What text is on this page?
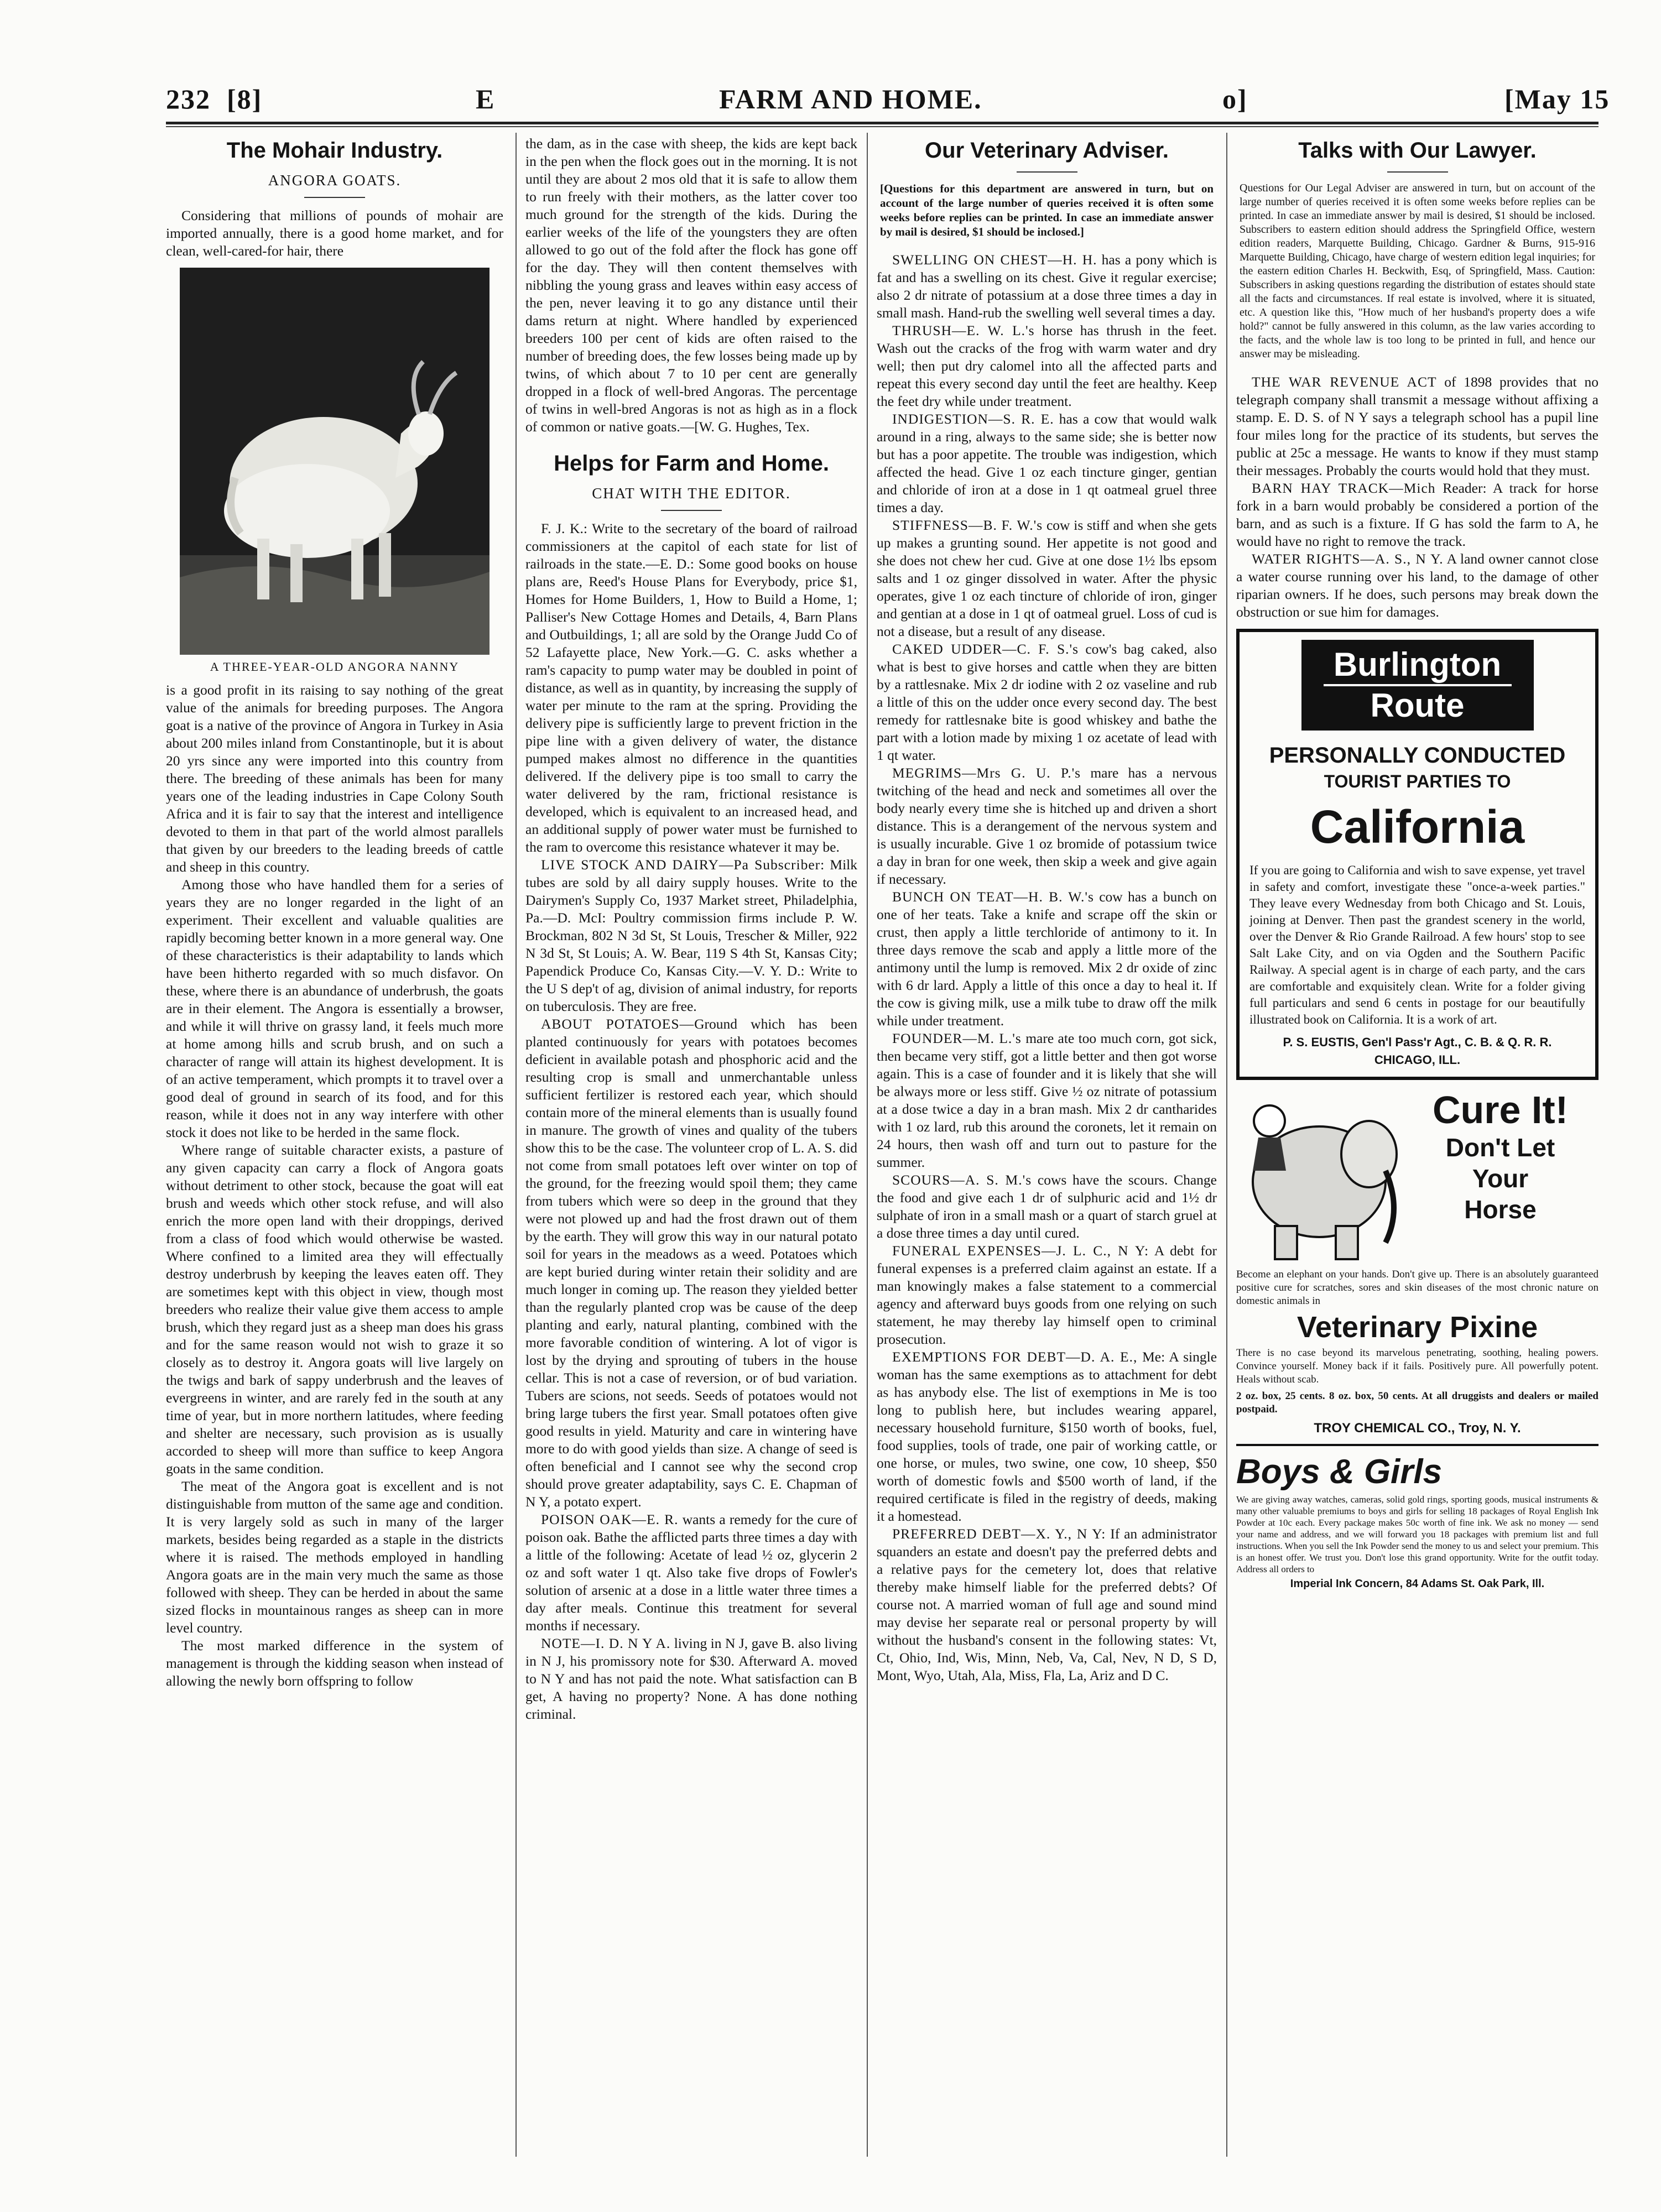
232 [8]	E	FARM AND HOME.	o]	[May 15
The Mohair Industry.
ANGORA GOATS.

Considering that millions of pounds of mohair are imported annually, there is a good home market, and for clean, well-cared-for hair, there

A THREE-YEAR-OLD ANGORA NANNY

is a good profit in its raising to say nothing of the great value of the animals for breeding purposes. The Angora goat is a native of the province of Angora in Turkey in Asia about 200 miles inland from Constantinople, but it is about 20 yrs since any were imported into this country from there. The breeding of these animals has been for many years one of the leading industries in Cape Colony South Africa and it is fair to say that the interest and intelligence devoted to them in that part of the world almost parallels that given by our breeders to the leading breeds of cattle and sheep in this country.

Among those who have handled them for a series of years they are no longer regarded in the light of an experiment. Their excellent and valuable qualities are rapidly becoming better known in a more general way. One of these characteristics is their adaptability to lands which have been hitherto regarded with so much disfavor. On these, where there is an abundance of underbrush, the goats are in their element. The Angora is essentially a browser, and while it will thrive on grassy land, it feels much more at home among hills and scrub brush, and on such a character of range will attain its highest development. It is of an active temperament, which prompts it to travel over a good deal of ground in search of its food, and for this reason, while it does not in any way interfere with other stock it does not like to be herded in the same flock.

Where range of suitable character exists, a pasture of any given capacity can carry a flock of Angora goats without detriment to other stock, because the goat will eat brush and weeds which other stock refuse, and will also enrich the more open land with their droppings, derived from a class of food which would otherwise be wasted. Where confined to a limited area they will effectually destroy underbrush by keeping the leaves eaten off. They are sometimes kept with this object in view, though most breeders who realize their value give them access to ample brush, which they regard just as a sheep man does his grass and for the same reason would not wish to graze it so closely as to destroy it. Angora goats will live largely on the twigs and bark of sappy underbrush and the leaves of evergreens in winter, and are rarely fed in the south at any time of year, but in more northern latitudes, where feeding and shelter are necessary, such provision as is usually accorded to sheep will more than suffice to keep Angora goats in the same condition.

The meat of the Angora goat is excellent and is not distinguishable from mutton of the same age and condition. It is very largely sold as such in many of the larger markets, besides being regarded as a staple in the districts where it is raised. The methods employed in handling Angora goats are in the main very much the same as those followed with sheep. They can be herded in about the same sized flocks in mountainous ranges as sheep can in more level country.

The most marked difference in the system of management is through the kidding season when instead of allowing the newly born offspring to follow

the dam, as in the case with sheep, the kids are kept back in the pen when the flock goes out in the morning. It is not until they are about 2 mos old that it is safe to allow them to run freely with their mothers, as the latter cover too much ground for the strength of the kids. During the earlier weeks of the life of the youngsters they are often allowed to go out of the fold after the flock has gone off for the day. They will then content themselves with nibbling the young grass and leaves within easy access of the pen, never leaving it to go any distance until their dams return at night. Where handled by experienced breeders 100 per cent of kids are often raised to the number of breeding does, the few losses being made up by twins, of which about 7 to 10 per cent are generally dropped in a flock of well-bred Angoras. The percentage of twins in well-bred Angoras is not as high as in a flock of common or native goats.—[W. G. Hughes, Tex.

Helps for Farm and Home.
CHAT WITH THE EDITOR.

F. J. K.: Write to the secretary of the board of railroad commissioners at the capitol of each state for list of railroads in the state.—E. D.: Some good books on house plans are, Reed's House Plans for Everybody, price $1, Homes for Home Builders, 1, How to Build a Home, 1; Palliser's New Cottage Homes and Details, 4, Barn Plans and Outbuildings, 1; all are sold by the Orange Judd Co of 52 Lafayette place, New York.—G. C. asks whether a ram's capacity to pump water may be doubled in point of distance, as well as in quantity, by increasing the supply of water per minute to the ram at the spring. Providing the delivery pipe is sufficiently large to prevent friction in the pipe line with a given delivery of water, the distance pumped makes almost no difference in the quantities delivered. If the delivery pipe is too small to carry the water delivered by the ram, frictional resistance is developed, which is equivalent to an increased head, and an additional supply of power water must be furnished to the ram to overcome this resistance whatever it may be.

LIVE STOCK AND DAIRY—Pa Subscriber: Milk tubes are sold by all dairy supply houses. Write to the Dairymen's Supply Co, 1937 Market street, Philadelphia, Pa.—D. McI: Poultry commission firms include P. W. Brockman, 802 N 3d St, St Louis, Trescher & Miller, 922 N 3d St, St Louis; A. W. Bear, 119 S 4th St, Kansas City; Papendick Produce Co, Kansas City.—V. Y. D.: Write to the U S dep't of ag, division of animal industry, for reports on tuberculosis. They are free.

ABOUT POTATOES—Ground which has been planted continuously for years with potatoes becomes deficient in available potash and phosphoric acid and the resulting crop is small and unmerchantable unless sufficient fertilizer is restored each year, which should contain more of the mineral elements than is usually found in manure. The growth of vines and quality of the tubers show this to be the case. The volunteer crop of L. A. S. did not come from small potatoes left over winter on top of the ground, for the freezing would spoil them; they came from tubers which were so deep in the ground that they were not plowed up and had the frost drawn out of them by the earth. They will grow this way in our natural potato soil for years in the meadows as a weed. Potatoes which are kept buried during winter retain their solidity and are much longer in coming up. The reason they yielded better than the regularly planted crop was be cause of the deep planting and early, natural planting, combined with the more favorable condition of wintering. A lot of vigor is lost by the drying and sprouting of tubers in the house cellar. This is not a case of reversion, or of bud variation. Tubers are scions, not seeds. Seeds of potatoes would not bring large tubers the first year. Small potatoes often give good results in yield. Maturity and care in wintering have more to do with good yields than size. A change of seed is often beneficial and I cannot see why the second crop should prove greater adaptability, says C. E. Chapman of N Y, a potato expert.

POISON OAK—E. R. wants a remedy for the cure of poison oak. Bathe the afflicted parts three times a day with a little of the following: Acetate of lead ½ oz, glycerin 2 oz and soft water 1 qt. Also take five drops of Fowler's solution of arsenic at a dose in a little water three times a day after meals. Continue this treatment for several months if necessary.

NOTE—I. D. N Y A. living in N J, gave B. also living in N J, his promissory note for $30. Afterward A. moved to N Y and has not paid the note. What satisfaction can B get, A having no property? None. A has done nothing criminal.

Our Veterinary Adviser.
[Questions for this department are answered in turn, but on account of the large number of queries received it is often some weeks before replies can be printed. In case an immediate answer by mail is desired, $1 should be inclosed.]

SWELLING ON CHEST—H. H. has a pony which is fat and has a swelling on its chest. Give it regular exercise; also 2 dr nitrate of potassium at a dose three times a day in small mash. Hand-rub the swelling well several times a day.

THRUSH—E. W. L.'s horse has thrush in the feet. Wash out the cracks of the frog with warm water and dry well; then put dry calomel into all the affected parts and repeat this every second day until the feet are healthy. Keep the feet dry while under treatment.

INDIGESTION—S. R. E. has a cow that would walk around in a ring, always to the same side; she is better now but has a poor appetite. The trouble was indigestion, which affected the head. Give 1 oz each tincture ginger, gentian and chloride of iron at a dose in 1 qt oatmeal gruel three times a day.

STIFFNESS—B. F. W.'s cow is stiff and when she gets up makes a grunting sound. Her appetite is not good and she does not chew her cud. Give at one dose 1½ lbs epsom salts and 1 oz ginger dissolved in water. After the physic operates, give 1 oz each tincture of chloride of iron, ginger and gentian at a dose in 1 qt of oatmeal gruel. Loss of cud is not a disease, but a result of any disease.

CAKED UDDER—C. F. S.'s cow's bag caked, also what is best to give horses and cattle when they are bitten by a rattlesnake. Mix 2 dr iodine with 2 oz vaseline and rub a little of this on the udder once every second day. The best remedy for rattlesnake bite is good whiskey and bathe the part with a lotion made by mixing 1 oz acetate of lead with 1 qt water.

MEGRIMS—Mrs G. U. P.'s mare has a nervous twitching of the head and neck and sometimes all over the body nearly every time she is hitched up and driven a short distance. This is a derangement of the nervous system and is usually incurable. Give 1 oz bromide of potassium twice a day in bran for one week, then skip a week and give again if necessary.

BUNCH ON TEAT—H. B. W.'s cow has a bunch on one of her teats. Take a knife and scrape off the skin or crust, then apply a little terchloride of antimony to it. In three days remove the scab and apply a little more of the antimony until the lump is removed. Mix 2 dr oxide of zinc with 6 dr lard. Apply a little of this once a day to heal it. If the cow is giving milk, use a milk tube to draw off the milk while under treatment.

FOUNDER—M. L.'s mare ate too much corn, got sick, then became very stiff, got a little better and then got worse again. This is a case of founder and it is likely that she will be always more or less stiff. Give ½ oz nitrate of potassium at a dose twice a day in a bran mash. Mix 2 dr cantharides with 1 oz lard, rub this around the coronets, let it remain on 24 hours, then wash off and turn out to pasture for the summer.

SCOURS—A. S. M.'s cows have the scours. Change the food and give each 1 dr of sulphuric acid and 1½ dr sulphate of iron in a small mash or a quart of starch gruel at a dose three times a day until cured.

FUNERAL EXPENSES—J. L. C., N Y: A debt for funeral expenses is a preferred claim against an estate. If a man knowingly makes a false statement to a commercial agency and afterward buys goods from one relying on such statement, he may thereby lay himself open to criminal prosecution.

EXEMPTIONS FOR DEBT—D. A. E., Me: A single woman has the same exemptions as to attachment for debt as has anybody else. The list of exemptions in Me is too long to publish here, but includes wearing apparel, necessary household furniture, $150 worth of books, fuel, food supplies, tools of trade, one pair of working cattle, or one horse, or mules, two swine, one cow, 10 sheep, $50 worth of domestic fowls and $500 worth of land, if the required certificate is filed in the registry of deeds, making it a homestead.

PREFERRED DEBT—X. Y., N Y: If an administrator squanders an estate and doesn't pay the preferred debts and a relative pays for the cemetery lot, does that relative thereby make himself liable for the preferred debts? Of course not. A married woman of full age and sound mind may devise her separate real or personal property by will without the husband's consent in the following states: Vt, Ct, Ohio, Ind, Wis, Minn, Neb, Va, Cal, Nev, N D, S D, Mont, Wyo, Utah, Ala, Miss, Fla, La, Ariz and D C.

Talks with Our Lawyer.
Questions for Our Legal Adviser are answered in turn, but on account of the large number of queries received it is often some weeks before replies can be printed. In case an immediate answer by mail is desired, $1 should be inclosed. Subscribers to eastern edition should address the Springfield Office, western edition readers, Marquette Building, Chicago. Gardner & Burns, 915-916 Marquette Building, Chicago, have charge of western edition legal inquiries; for the eastern edition Charles H. Beckwith, Esq, of Springfield, Mass. Caution: Subscribers in asking questions regarding the distribution of estates should state all the facts and circumstances. If real estate is involved, where it is situated, etc. A question like this, "How much of her husband's property does a wife hold?" cannot be fully answered in this column, as the law varies according to the facts, and the whole law is too long to be printed in full, and hence our answer may be misleading.

THE WAR REVENUE ACT of 1898 provides that no telegraph company shall transmit a message without affixing a stamp. E. D. S. of N Y says a telegraph school has a pupil line four miles long for the practice of its students, but serves the public at 25c a message. He wants to know if they must stamp their messages. Probably the courts would hold that they must.

BARN HAY TRACK—Mich Reader: A track for horse fork in a barn would probably be considered a portion of the barn, and as such is a fixture. If G has sold the farm to A, he would have no right to remove the track.

WATER RIGHTS—A. S., N Y. A land owner cannot close a water course running over his land, to the damage of other riparian owners. If he does, such persons may break down the obstruction or sue him for damages.

Burlington
Route
PERSONALLY CONDUCTED
TOURIST PARTIES TO
California
If you are going to California and wish to save expense, yet travel in safety and comfort, investigate these "once-a-week parties." They leave every Wednesday from both Chicago and St. Louis, joining at Denver. Then past the grandest scenery in the world, over the Denver & Rio Grande Railroad. A few hours' stop to see Salt Lake City, and on via Ogden and the Southern Pacific Railway. A special agent is in charge of each party, and the cars are comfortable and exquisitely clean. Write for a folder giving full particulars and send 6 cents in postage for our beautifully illustrated book on California. It is a work of art.
P. S. EUSTIS, Gen'l Pass'r Agt., C. B. & Q. R. R.
CHICAGO, ILL.
Cure It!
Don't Let
Your
Horse
Become an elephant on your hands. Don't give up. There is an absolutely guaranteed positive cure for scratches, sores and skin diseases of the most chronic nature on domestic animals in
Veterinary Pixine
There is no case beyond its marvelous penetrating, soothing, healing powers. Convince yourself. Money back if it fails. Positively pure. All powerfully potent. Heals without scab.
2 oz. box, 25 cents. 8 oz. box, 50 cents. At all druggists and dealers or mailed postpaid.
TROY CHEMICAL CO., Troy, N. Y.
Boys & Girls
We are giving away watches, cameras, solid gold rings, sporting goods, musical instruments & many other valuable premiums to boys and girls for selling 18 packages of Royal English Ink Powder at 10c each. Every package makes 50c worth of fine ink. We ask no money — send your name and address, and we will forward you 18 packages with premium list and full instructions. When you sell the Ink Powder send the money to us and select your premium. This is an honest offer. We trust you. Don't lose this grand opportunity. Write for the outfit today. Address all orders to
Imperial Ink Concern, 84 Adams St. Oak Park, Ill.
